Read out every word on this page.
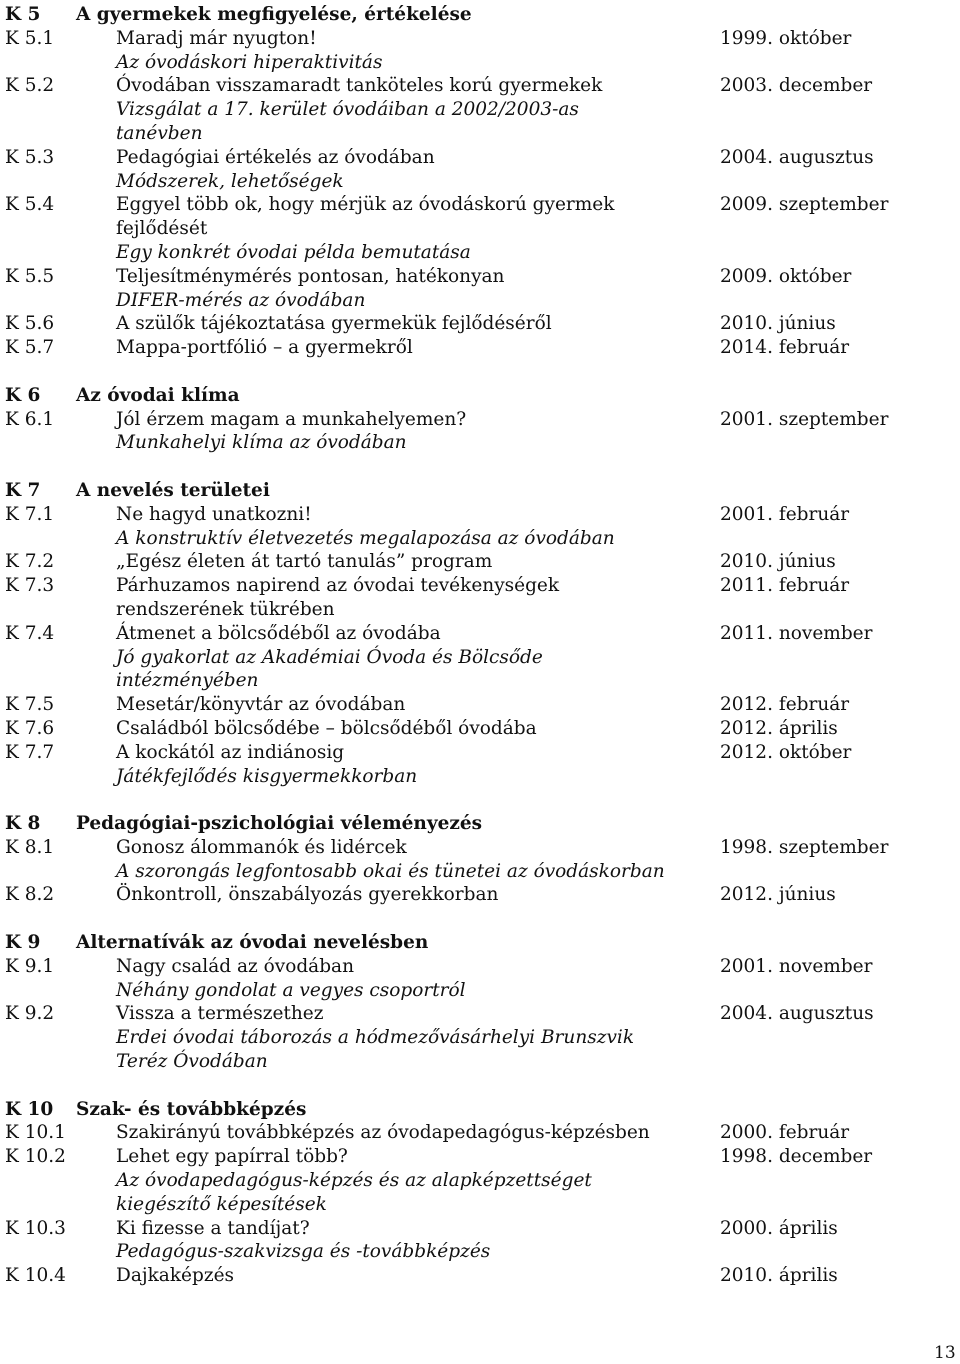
K 5 A gyermekek megfigyelése, értékelése
K 5.1	Maradj már nyugton!	1999. október
Az óvodáskori hiperaktivitás
K 5.2	Óvodában visszamaradt tanköteles korú gyermekek	2003. december
Vizsgálat a 17. kerület óvodáiban a 2002/2003-as
tanévben
K 5.3	Pedagógiai értékelés az óvodában	2004. augusztus
Módszerek, lehetőségek
K 5.4	Eggyel több ok, hogy mérjük az óvodáskorú gyermek	2009. szeptember
fejlődését
Egy konkrét óvodai példa bemutatása
K 5.5	Teljesítménymérés pontosan, hatékonyan	2009. október
DIFER-mérés az óvodában
K 5.6	A szülők tájékoztatása gyermekük fejlődéséről	2010. június
K 5.7	Mappa-portfólió – a gyermekről	2014. február
K 6 Az óvodai klíma
K 6.1	Jól érzem magam a munkahelyemen?	2001. szeptember
Munkahelyi klíma az óvodában
K 7 A nevelés területei
K 7.1	Ne hagyd unatkozni!	2001. február
A konstruktív életvezetés megalapozása az óvodában
K 7.2	„Egész életen át tartó tanulás” program	2010. június
K 7.3	Párhuzamos napirend az óvodai tevékenységek	2011. február
rendszerének tükrében
K 7.4	Átmenet a bölcsődéből az óvodába	2011. november
Jó gyakorlat az Akadémiai Óvoda és Bölcsőde
intézményében
K 7.5	Mesetár/könyvtár az óvodában	2012. február
K 7.6	Családból bölcsődébe – bölcsődéből óvodába	2012. április
K 7.7	A kockától az indiánosig	2012. október
Játékfejlődés kisgyermekkorban
K 8 Pedagógiai-pszichológiai véleményezés
K 8.1	Gonosz álommanók és lidércek	1998. szeptember
A szorongás legfontosabb okai és tünetei az óvodáskorban
K 8.2	Önkontroll, önszabályozás gyerekkorban	2012. június
K 9 Alternatívák az óvodai nevelésben
K 9.1	Nagy család az óvodában	2001. november
Néhány gondolat a vegyes csoportról
K 9.2	Vissza a természethez	2004. augusztus
Erdei óvodai táborozás a hódmezővásárhelyi Brunszvik
Teréz Óvodában
K 10 Szak- és továbbképzés
K 10.1	Szakirányú továbbképzés az óvodapedagógus-képzésben	2000. február
K 10.2	Lehet egy papírral több?	1998. december
Az óvodapedagógus-képzés és az alapképzettséget
kiegészítő képesítések
K 10.3	Ki fizesse a tandíjat?	2000. április
Pedagógus-szakvizsga és -továbbképzés
K 10.4	Dajkaképzés	2010. április
13
